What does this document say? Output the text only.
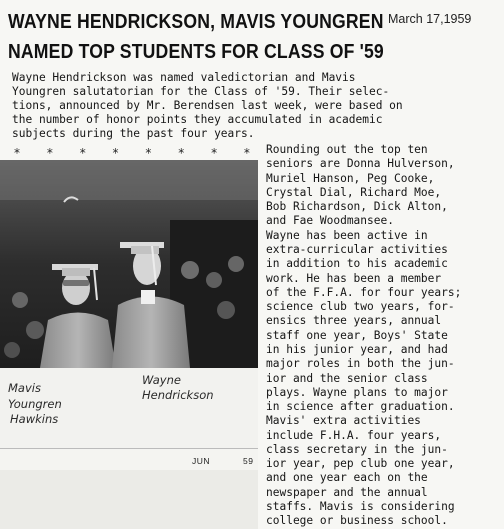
WAYNE HENDRICKSON, MAVIS YOUNGREN
NAMED TOP STUDENTS FOR CLASS OF '59
March 17,1959
Wayne Hendrickson was named valedictorian and Mavis
Youngren salutatorian for the Class of '59. Their selec-
tions, announced by Mr. Berendsen last week, were based on
the number of honor points they accumulated in academic
subjects during the past four years.
* * * * * * * * Rounding out the top ten
seniors are Donna Hulverson,
Muriel Hanson, Peg Cooke,
Crystal Dial, Richard Moe,
Bob Richardson, Dick Alton,
and Fae Woodmansee.
Wayne has been active in
extra-curricular activities
in addition to his academic
work. He has been a member
of the F.F.A. for four years;
science club two years, for-
ensics three years, annual
staff one year, Boys' State
in his junior year, and had
major roles in both the jun-
ior and the senior class
plays. Wayne plans to major
in science after graduation.
Mavis' extra activities
include F.H.A. four years,
class secretary in the jun-
ior year, pep club one year,
and one year each on the
newspaper and the annual
staffs. Mavis is considering
college or business school.
Mavis
Youngren
Hawkins
Wayne
Hendrickson
JUN	59
